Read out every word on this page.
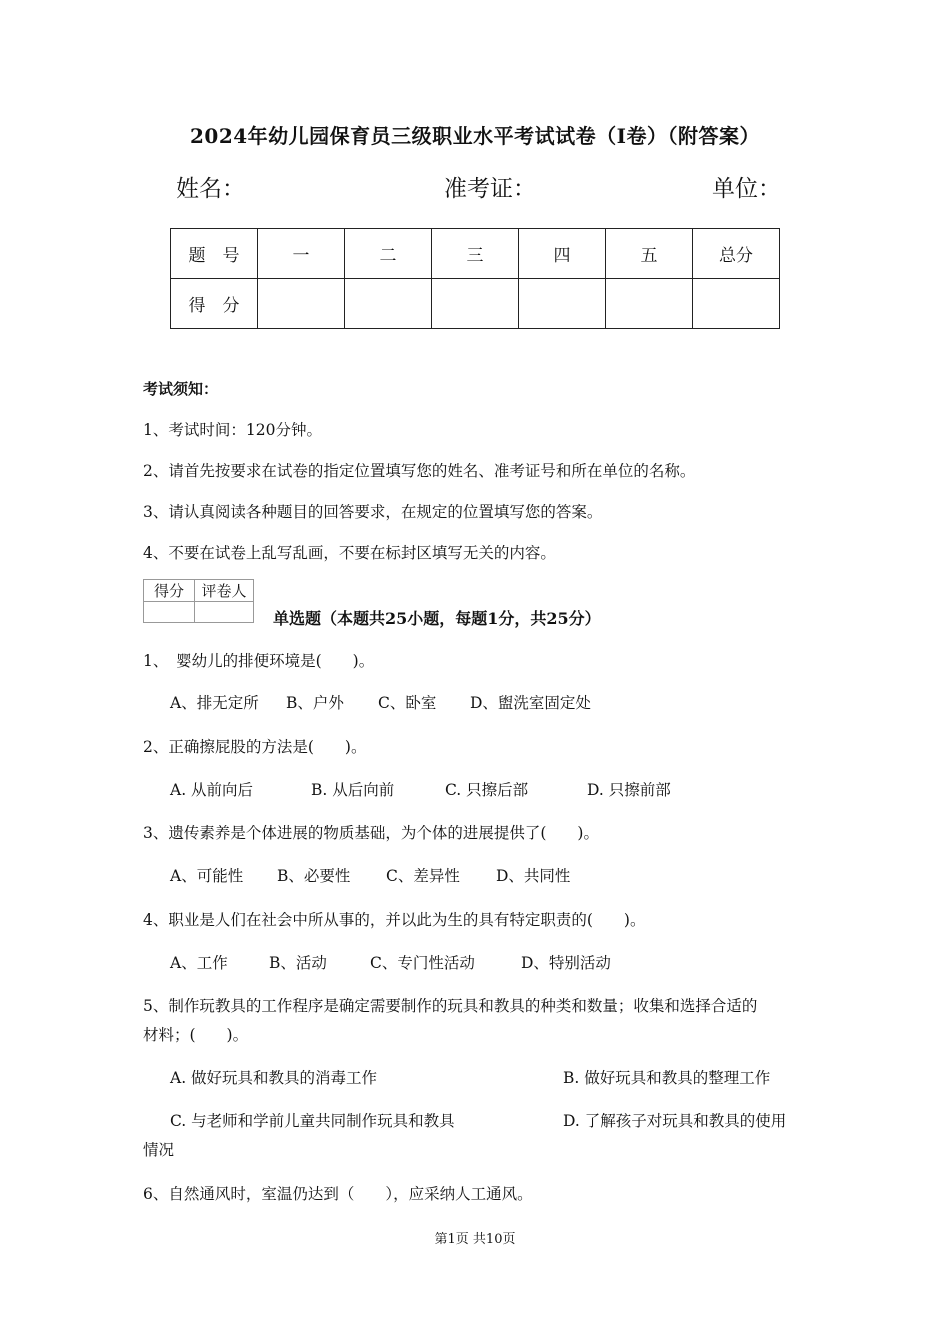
2024年幼儿园保育员三级职业水平考试试卷（I卷）（附答案）
姓名：	准考证：	单位：
题　号	一	二	三	四	五	总分
得　分						
考试须知：
1、考试时间：120分钟。
2、请首先按要求在试卷的指定位置填写您的姓名、准考证号和所在单位的名称。
3、请认真阅读各种题目的回答要求，在规定的位置填写您的答案。
4、不要在试卷上乱写乱画，不要在标封区填写无关的内容。
得分	评卷人

单选题（本题共25小题，每题1分，共25分）
1、　婴幼儿的排便环境是(　　)。
A、排无定所 B、户外 C、卧室 D、盥洗室固定处
2、正确擦屁股的方法是(　　)。
A. 从前向后	B. 从后向前	C. 只擦后部	D. 只擦前部
3、遗传素养是个体进展的物质基础，为个体的进展提供了(　　)。
A、可能性 B、必要性 C、差异性 D、共同性
4、职业是人们在社会中所从事的，并以此为生的具有特定职责的(　　)。
A、工作	B、活动	C、专门性活动	D、特别活动
5、制作玩教具的工作程序是确定需要制作的玩具和教具的种类和数量；收集和选择合适的
材料；(　　)。
A. 做好玩具和教具的消毒工作	B. 做好玩具和教具的整理工作
C. 与老师和学前儿童共同制作玩具和教具	D. 了解孩子对玩具和教具的使用
情况
6、自然通风时，室温仍达到（　　），应采纳人工通风。
第1页 共10页
